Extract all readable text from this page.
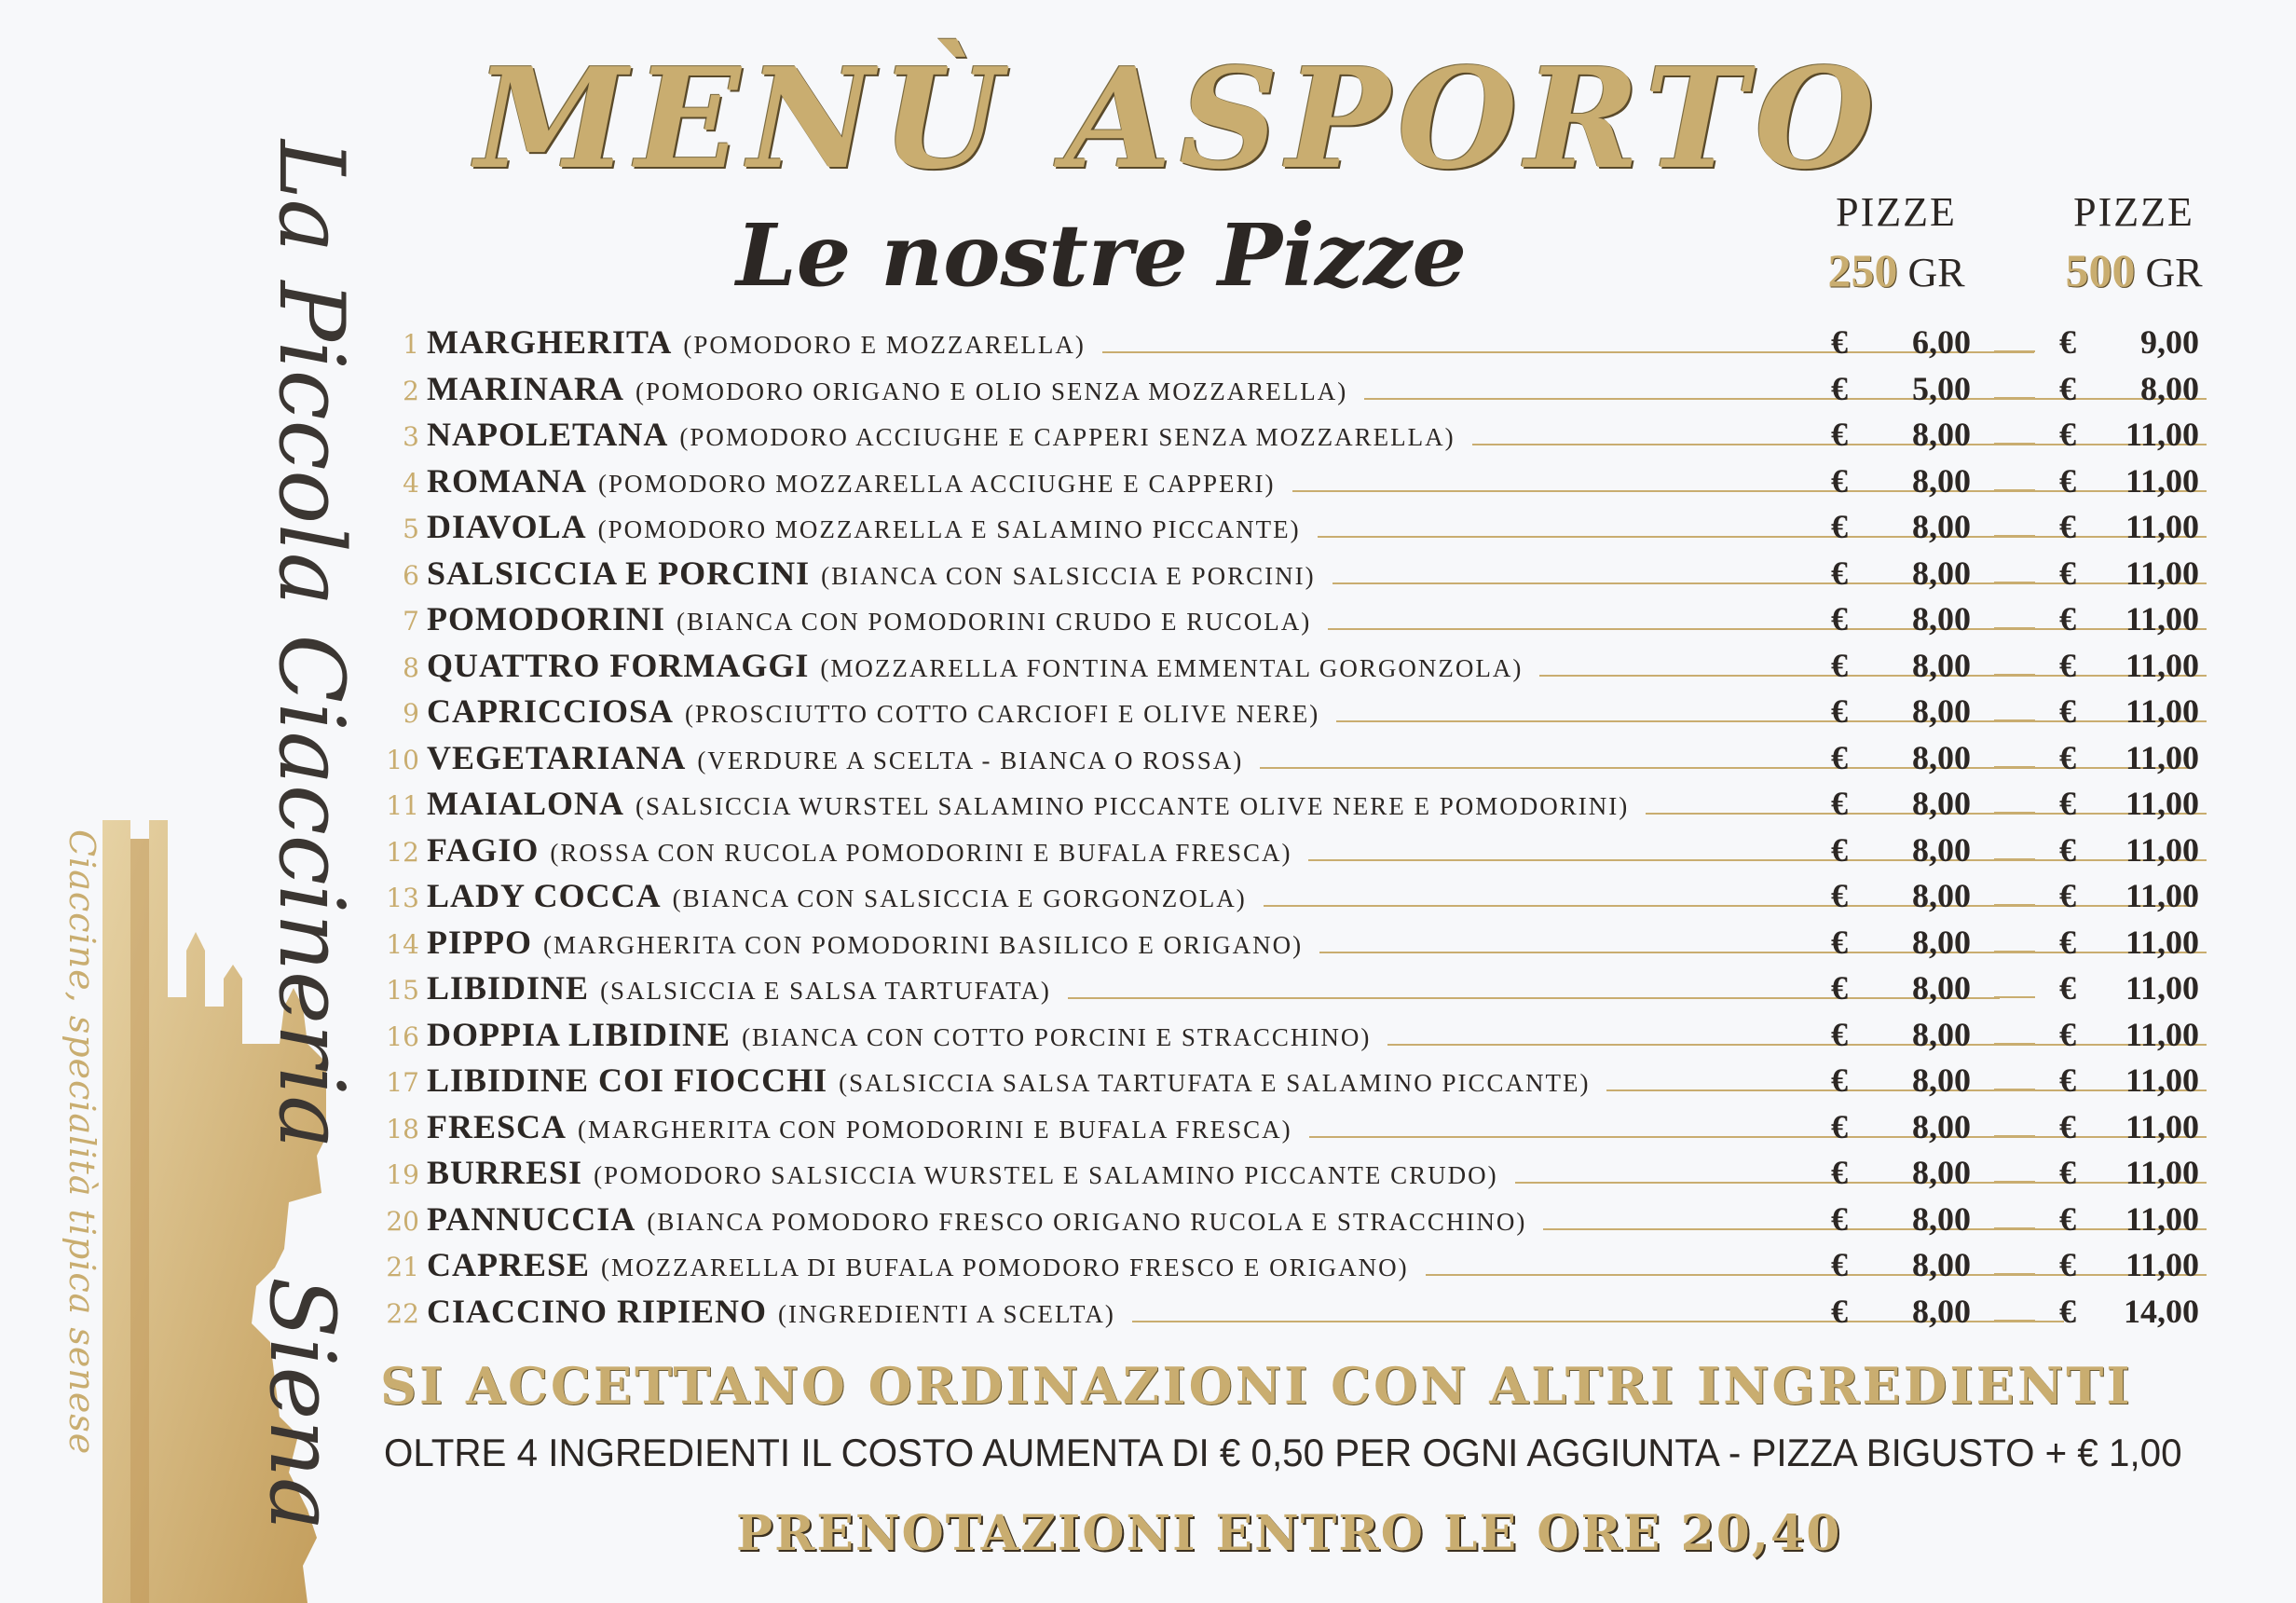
Ciaccine, specialità tipica senese La Piccola Ciaccineria
Siena
MENÙ ASPORTO
Le nostre Pizze	PIZZE
250 GR
PIZZE
500 GR
1 MARGHERITA (POMODORO E MOZZARELLA)	€ 6,00	€ 9,00
2 MARINARA (POMODORO ORIGANO E OLIO SENZA MOZZARELLA)	€ 5,00	€ 8,00
3 NAPOLETANA (POMODORO ACCIUGHE E CAPPERI SENZA MOZZARELLA)	€ 8,00	€ 11,00
4 ROMANA (POMODORO MOZZARELLA ACCIUGHE E CAPPERI)	€ 8,00	€ 11,00
5 DIAVOLA (POMODORO MOZZARELLA E SALAMINO PICCANTE)	€ 8,00	€ 11,00
6 SALSICCIA E PORCINI (BIANCA CON SALSICCIA E PORCINI)	€ 8,00	€ 11,00
7 POMODORINI (BIANCA CON POMODORINI CRUDO E RUCOLA)	€ 8,00	€ 11,00
8 QUATTRO FORMAGGI (MOZZARELLA FONTINA EMMENTAL GORGONZOLA)	€ 8,00	€ 11,00
9 CAPRICCIOSA (PROSCIUTTO COTTO CARCIOFI E OLIVE NERE)	€ 8,00	€ 11,00
10 VEGETARIANA (VERDURE A SCELTA - BIANCA O ROSSA)	€ 8,00	€ 11,00
11 MAIALONA (SALSICCIA WURSTEL SALAMINO PICCANTE OLIVE NERE E POMODORINI)	€ 8,00	€ 11,00
12 FAGIO (ROSSA CON RUCOLA POMODORINI E BUFALA FRESCA)	€ 8,00	€ 11,00
13 LADY COCCA (BIANCA CON SALSICCIA E GORGONZOLA)	€ 8,00	€ 11,00
14 PIPPO (MARGHERITA CON POMODORINI BASILICO E ORIGANO)	€ 8,00	€ 11,00
15 LIBIDINE (SALSICCIA E SALSA TARTUFATA)	€ 8,00	€ 11,00
16 DOPPIA LIBIDINE (BIANCA CON COTTO PORCINI E STRACCHINO)	€ 8,00	€ 11,00
17 LIBIDINE COI FIOCCHI (SALSICCIA SALSA TARTUFATA E SALAMINO PICCANTE)	€ 8,00	€ 11,00
18 FRESCA (MARGHERITA CON POMODORINI E BUFALA FRESCA)	€ 8,00	€ 11,00
19 BURRESI (POMODORO SALSICCIA WURSTEL E SALAMINO PICCANTE CRUDO)	€ 8,00	€ 11,00
20 PANNUCCIA (BIANCA POMODORO FRESCO ORIGANO RUCOLA E STRACCHINO)	€ 8,00	€ 11,00
21 CAPRESE (MOZZARELLA DI BUFALA POMODORO FRESCO E ORIGANO)	€ 8,00	€ 11,00
22 CIACCINO RIPIENO (INGREDIENTI A SCELTA)	€ 8,00	€ 14,00
SI ACCETTANO ORDINAZIONI CON ALTRI INGREDIENTI
OLTRE 4 INGREDIENTI IL COSTO AUMENTA DI € 0,50 PER OGNI AGGIUNTA - PIZZA BIGUSTO + € 1,00
PRENOTAZIONI ENTRO LE ORE 20,40
